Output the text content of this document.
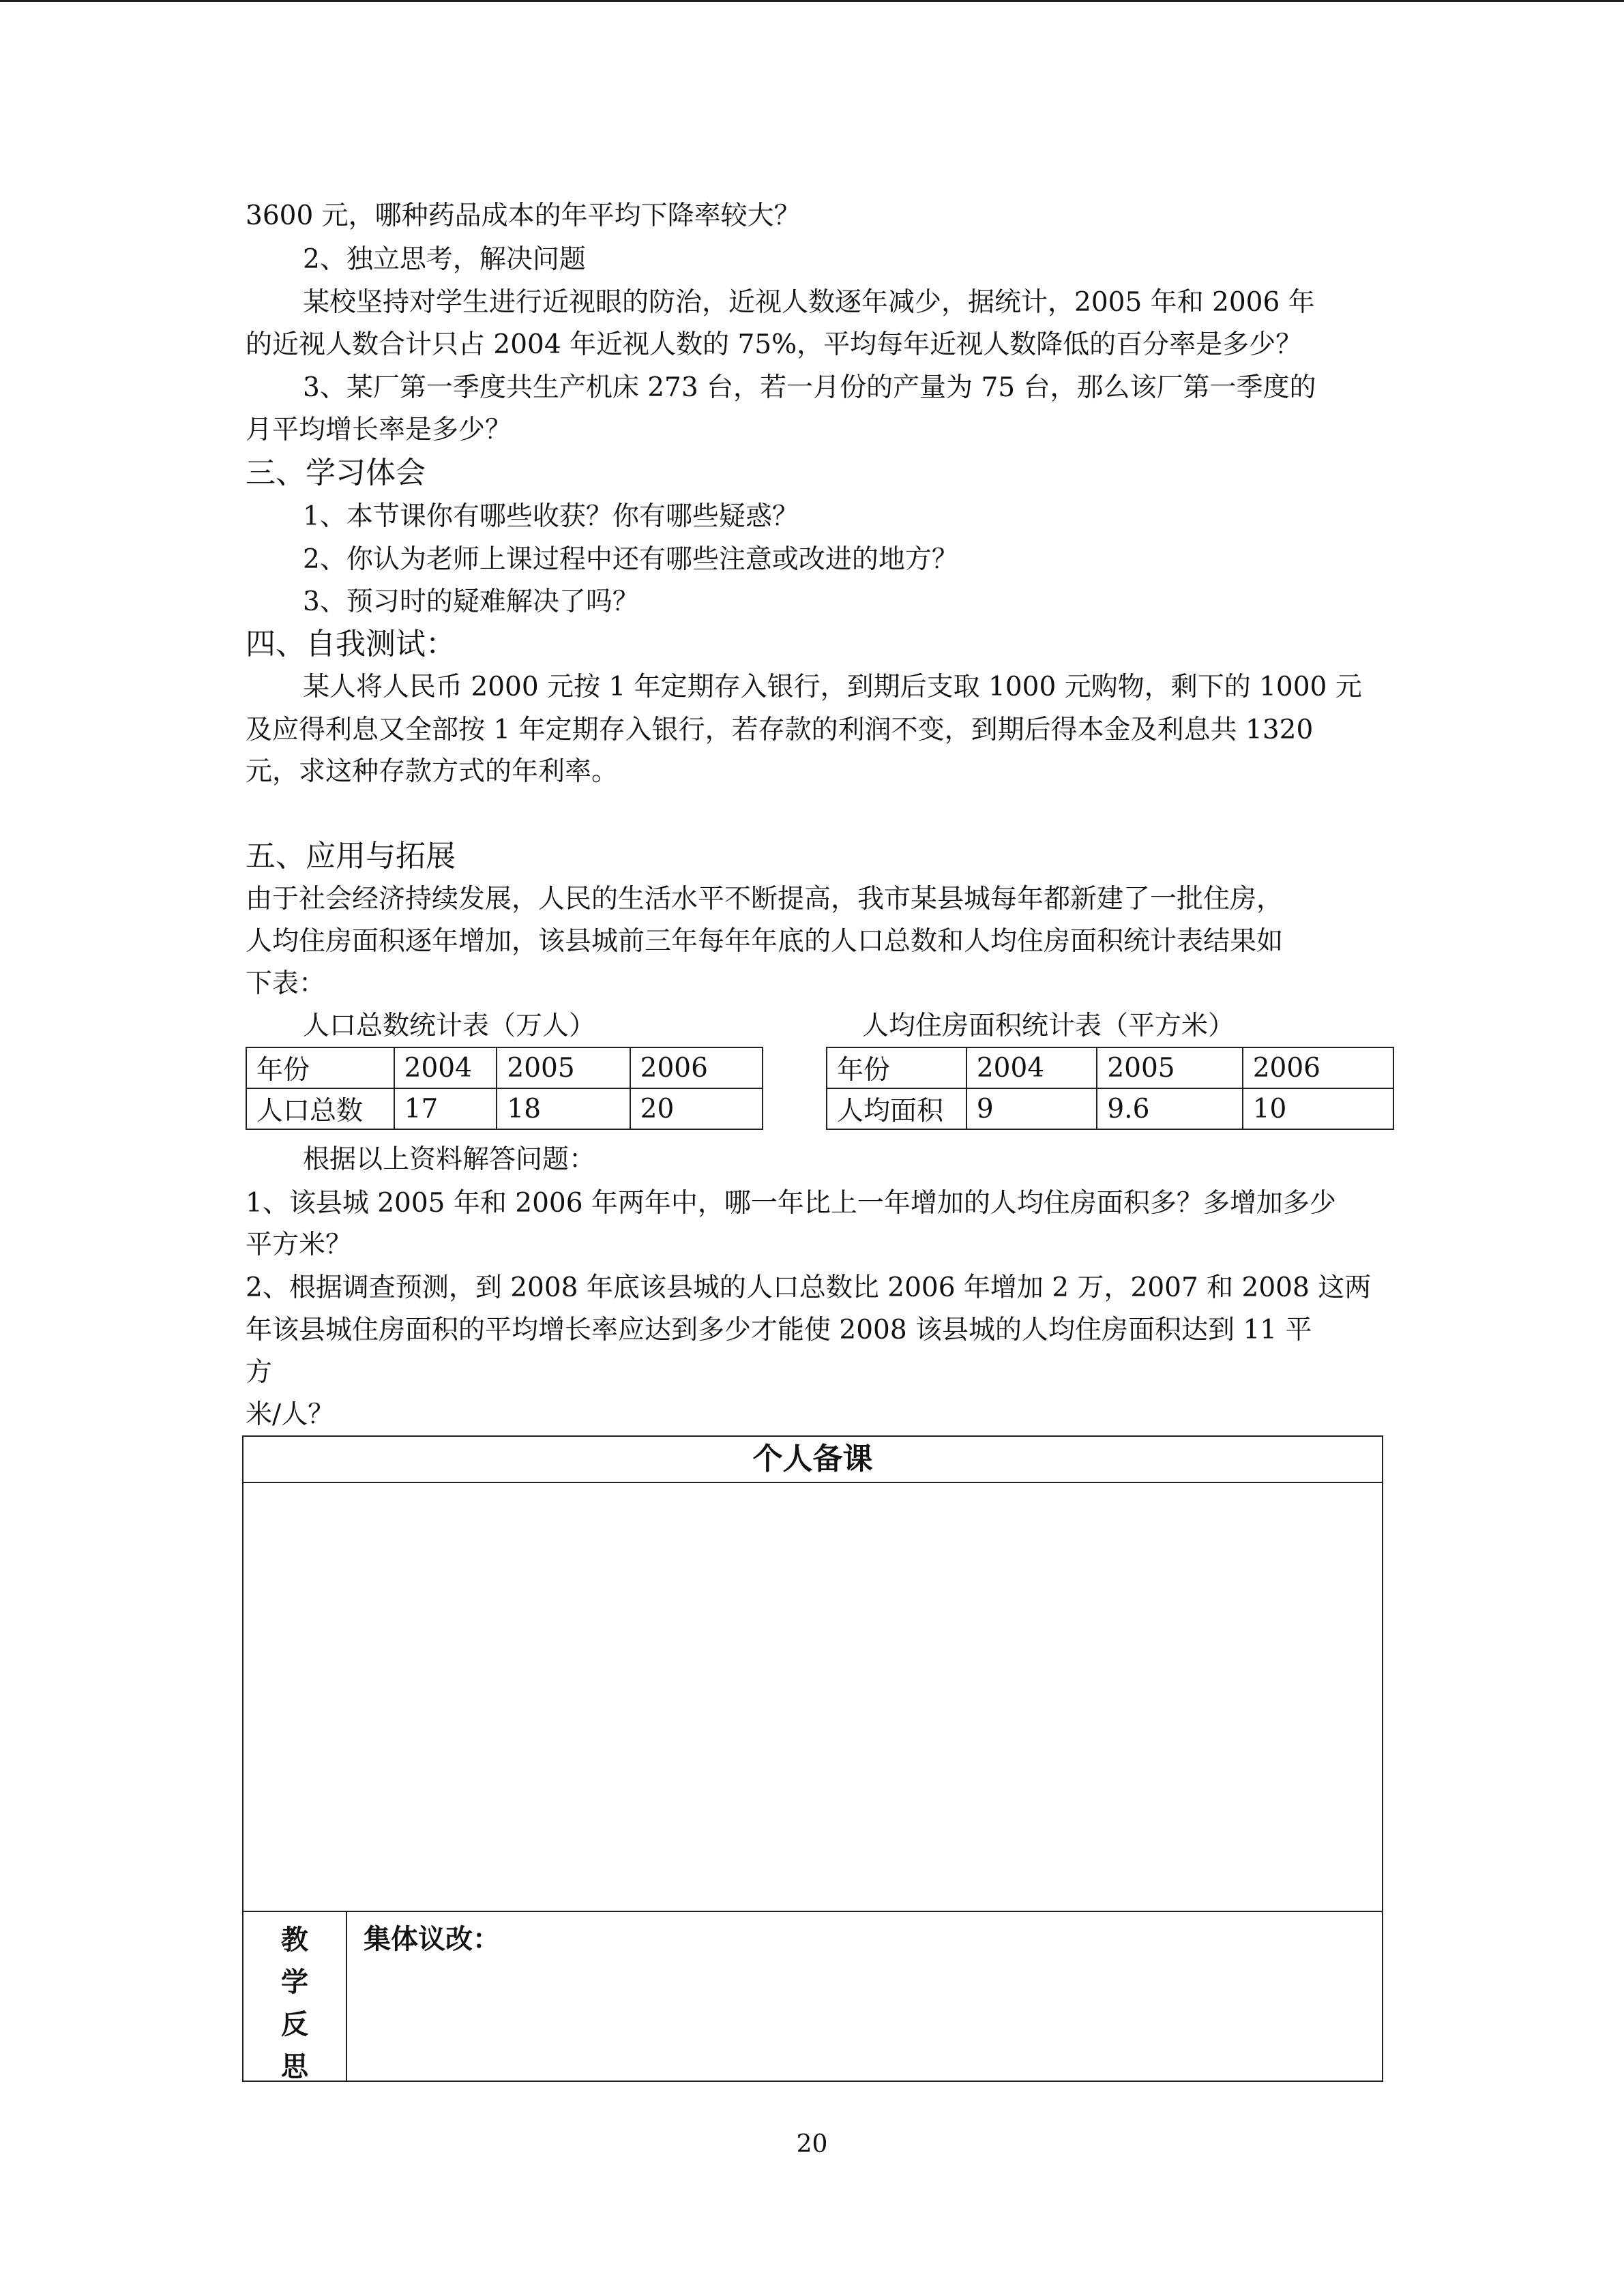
3600 元，哪种药品成本的年平均下降率较大？

2、独立思考，解决问题

某校坚持对学生进行近视眼的防治，近视人数逐年减少，据统计，2005 年和 2006 年

的近视人数合计只占 2004 年近视人数的 75%，平均每年近视人数降低的百分率是多少？

3、某厂第一季度共生产机床 273 台，若一月份的产量为 75 台，那么该厂第一季度的

月平均增长率是多少？

三、学习体会

1、本节课你有哪些收获？你有哪些疑惑？

2、你认为老师上课过程中还有哪些注意或改进的地方？

3、预习时的疑难解决了吗？

四、自我测试：

某人将人民币 2000 元按 1 年定期存入银行，到期后支取 1000 元购物，剩下的 1000 元

及应得利息又全部按 1 年定期存入银行，若存款的利润不变，到期后得本金及利息共 1320

元，求这种存款方式的年利率。

五、应用与拓展

由于社会经济持续发展，人民的生活水平不断提高，我市某县城每年都新建了一批住房，

人均住房面积逐年增加，该县城前三年每年年底的人口总数和人均住房面积统计表结果如

下表：

人口总数统计表（万人）	人均住房面积统计表（平方米）
年份	2004	2005	2006
人口总数	17	18	20
年份	2004	2005	2006
人均面积	9	9.6	10

根据以上资料解答问题：

1、该县城 2005 年和 2006 年两年中，哪一年比上一年增加的人均住房面积多？多增加多少

平方米？

2、根据调查预测，到 2008 年底该县城的人口总数比 2006 年增加 2 万，2007 和 2008 这两

年该县城住房面积的平均增长率应达到多少才能使 2008 该县城的人均住房面积达到 11 平

方

米/人？

个人备课
教
学
反
思
集体议改：
20
